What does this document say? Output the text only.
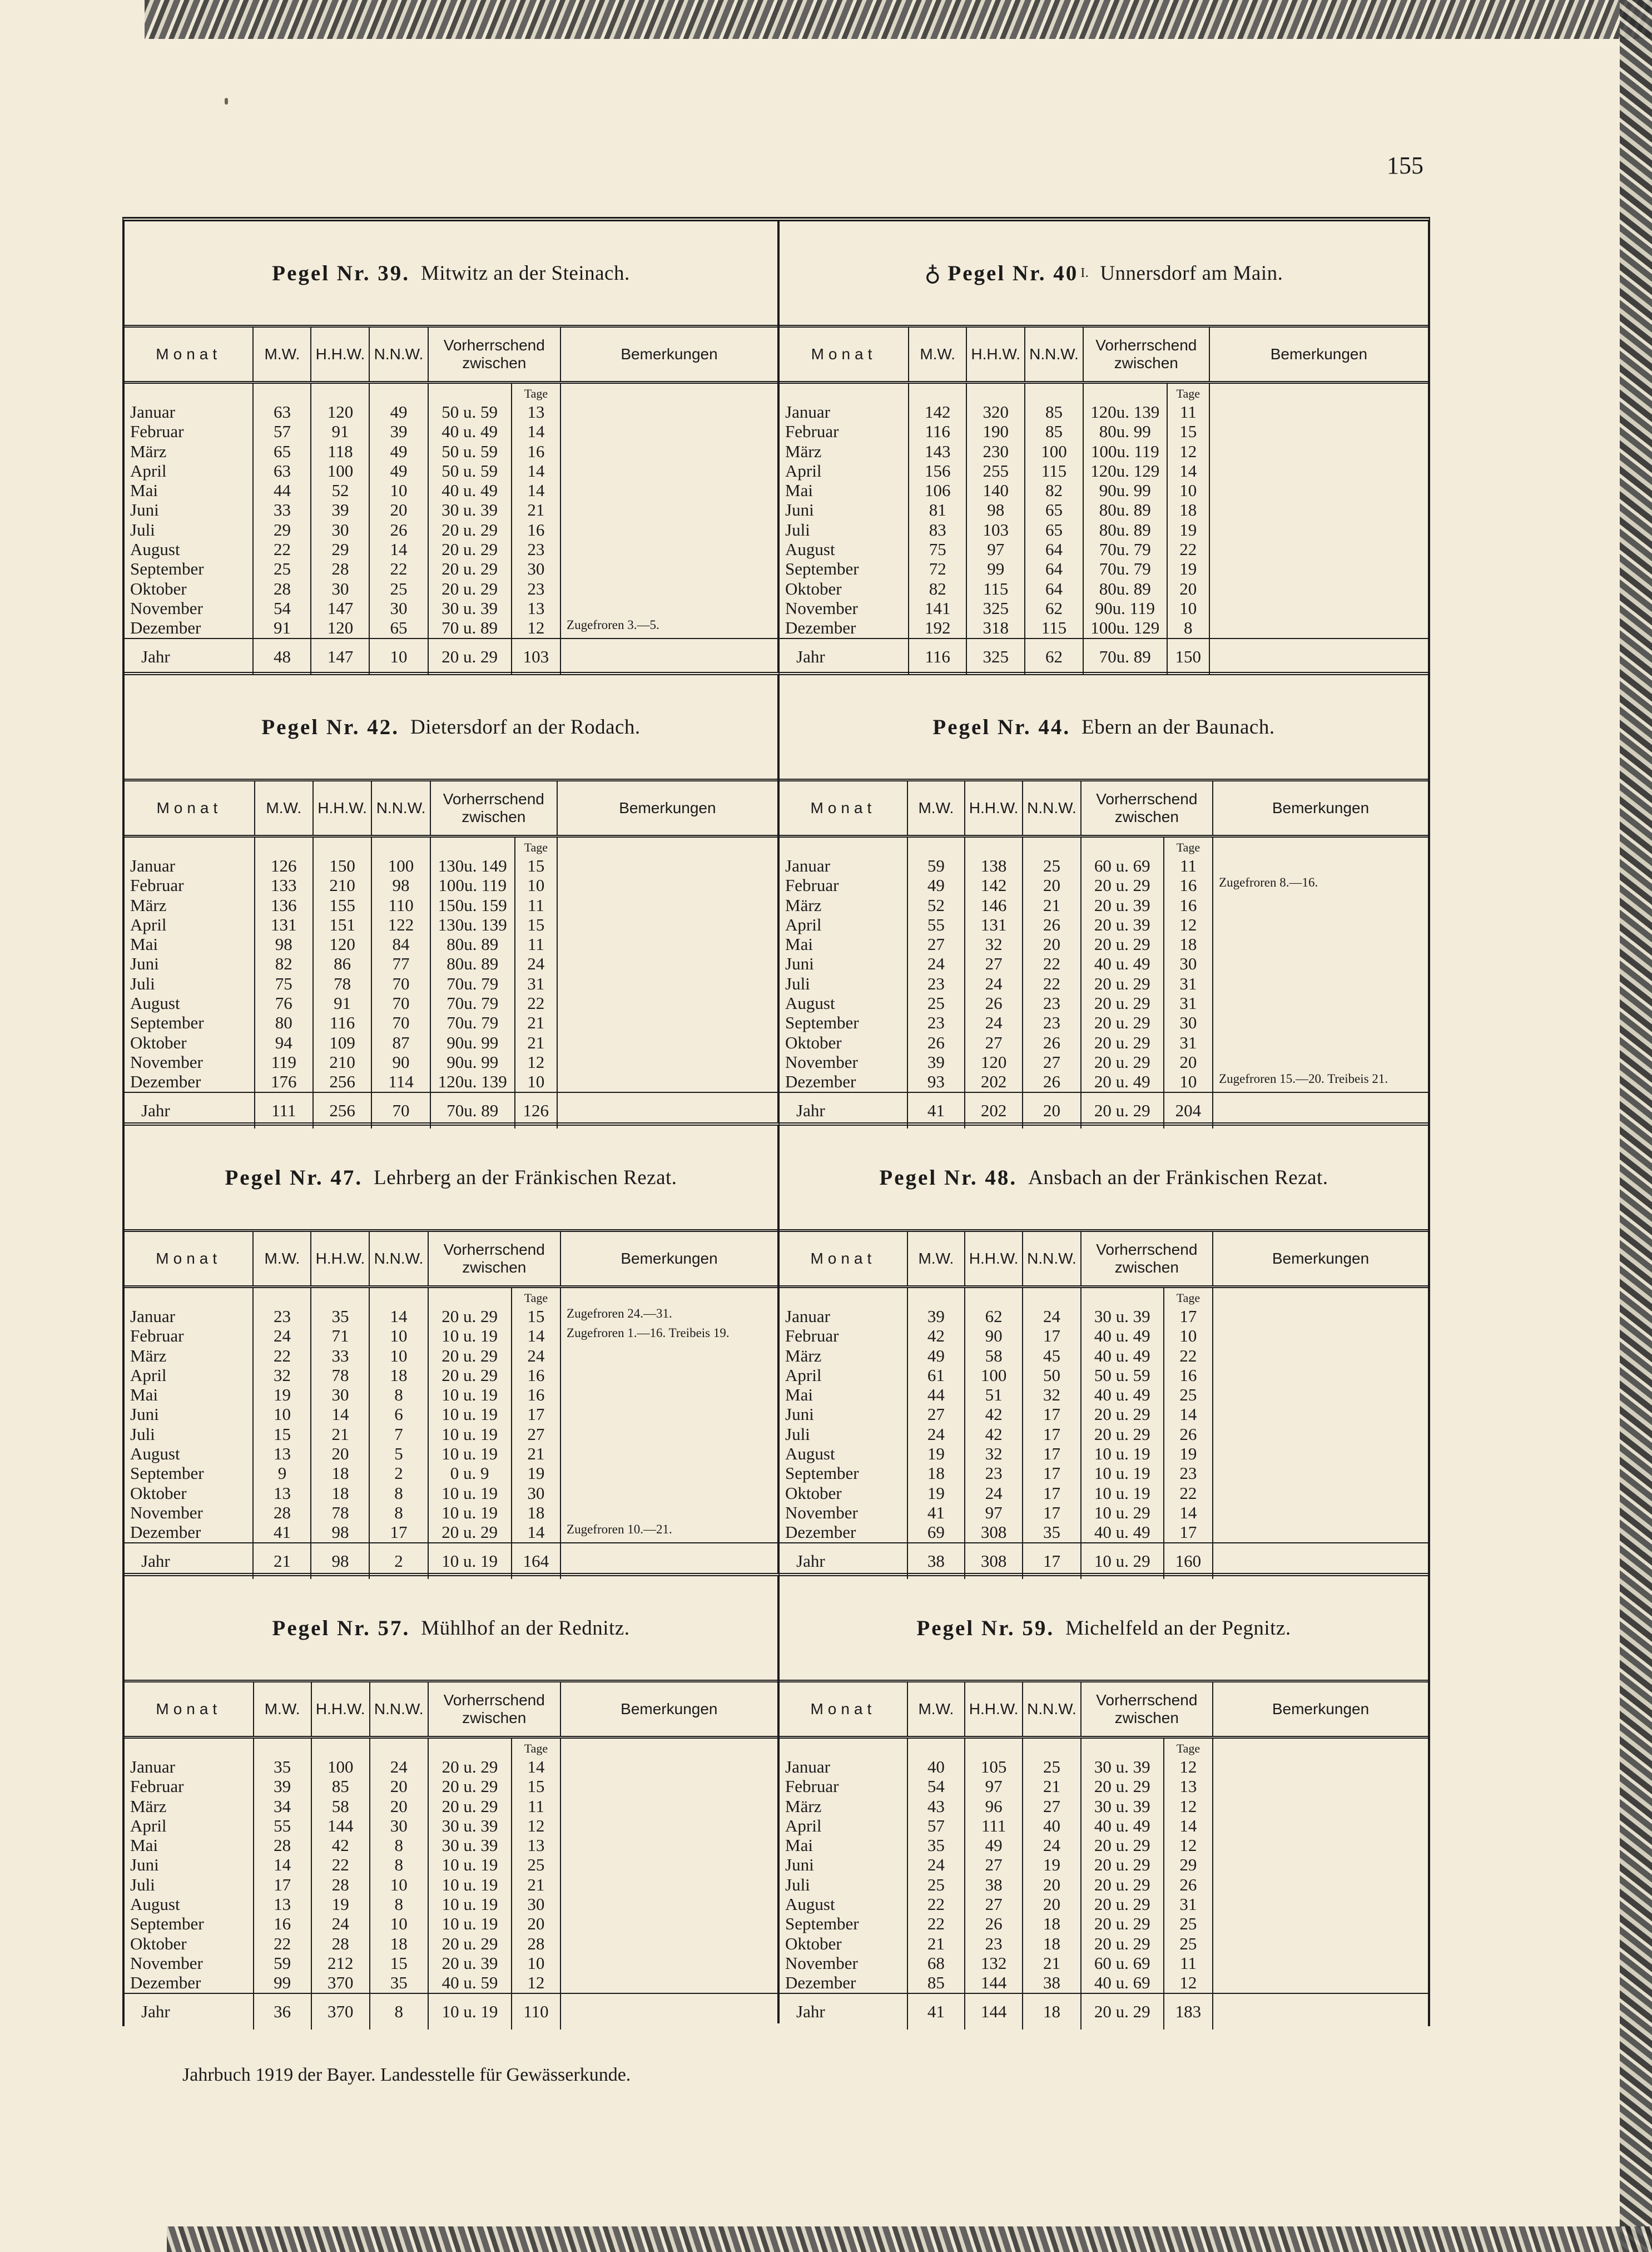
155
Pegel Nr. 39. Mitwitz an der Steinach.
Monat	M.W.	H.H.W.	N.N.W.	Vorherrschend zwischen		Bemerkungen
					Tage	
Januar	63	120	49	50 u. 59	13	
Februar	57	91	39	40 u. 49	14	
März	65	118	49	50 u. 59	16	
April	63	100	49	50 u. 59	14	
Mai	44	52	10	40 u. 49	14	
Juni	33	39	20	30 u. 39	21	
Juli	29	30	26	20 u. 29	16	
August	22	29	14	20 u. 29	23	
September	25	28	22	20 u. 29	30	
Oktober	28	30	25	20 u. 29	23	
November	54	147	30	30 u. 39	13	
Dezember	91	120	65	70 u. 89	12	Zugefroren 3.—5.
Jahr	48	147	10	20 u. 29	103	
♁ Pegel Nr. 40 I. Unnersdorf am Main.
Monat	M.W.	H.H.W.	N.N.W.	Vorherrschend zwischen		Bemerkungen
					Tage	
Januar	142	320	85	120u. 139	11	
Februar	116	190	85	80u. 99	15	
März	143	230	100	100u. 119	12	
April	156	255	115	120u. 129	14	
Mai	106	140	82	90u. 99	10	
Juni	81	98	65	80u. 89	18	
Juli	83	103	65	80u. 89	19	
August	75	97	64	70u. 79	22	
September	72	99	64	70u. 79	19	
Oktober	82	115	64	80u. 89	20	
November	141	325	62	90u. 119	10	
Dezember	192	318	115	100u. 129	8	
Jahr	116	325	62	70u. 89	150	
Pegel Nr. 42. Dietersdorf an der Rodach.
Monat	M.W.	H.H.W.	N.N.W.	Vorherrschend zwischen		Bemerkungen
					Tage	
Januar	126	150	100	130u. 149	15	
Februar	133	210	98	100u. 119	10	
März	136	155	110	150u. 159	11	
April	131	151	122	130u. 139	15	
Mai	98	120	84	80u. 89	11	
Juni	82	86	77	80u. 89	24	
Juli	75	78	70	70u. 79	31	
August	76	91	70	70u. 79	22	
September	80	116	70	70u. 79	21	
Oktober	94	109	87	90u. 99	21	
November	119	210	90	90u. 99	12	
Dezember	176	256	114	120u. 139	10	
Jahr	111	256	70	70u. 89	126	
Pegel Nr. 44. Ebern an der Baunach.
Monat	M.W.	H.H.W.	N.N.W.	Vorherrschend zwischen		Bemerkungen
					Tage	
Januar	59	138	25	60 u. 69	11	
Februar	49	142	20	20 u. 29	16	Zugefroren 8.—16.
März	52	146	21	20 u. 39	16	
April	55	131	26	20 u. 39	12	
Mai	27	32	20	20 u. 29	18	
Juni	24	27	22	40 u. 49	30	
Juli	23	24	22	20 u. 29	31	
August	25	26	23	20 u. 29	31	
September	23	24	23	20 u. 29	30	
Oktober	26	27	26	20 u. 29	31	
November	39	120	27	20 u. 29	20	
Dezember	93	202	26	20 u. 49	10	Zugefroren 15.—20. Treibeis 21.
Jahr	41	202	20	20 u. 29	204	
Pegel Nr. 47. Lehrberg an der Fränkischen Rezat.
Monat	M.W.	H.H.W.	N.N.W.	Vorherrschend zwischen		Bemerkungen
					Tage	
Januar	23	35	14	20 u. 29	15	Zugefroren 24.—31.
Februar	24	71	10	10 u. 19	14	Zugefroren 1.—16. Treibeis 19.
März	22	33	10	20 u. 29	24	
April	32	78	18	20 u. 29	16	
Mai	19	30	8	10 u. 19	16	
Juni	10	14	6	10 u. 19	17	
Juli	15	21	7	10 u. 19	27	
August	13	20	5	10 u. 19	21	
September	9	18	2	0 u. 9	19	
Oktober	13	18	8	10 u. 19	30	
November	28	78	8	10 u. 19	18	
Dezember	41	98	17	20 u. 29	14	Zugefroren 10.—21.
Jahr	21	98	2	10 u. 19	164	
Pegel Nr. 48. Ansbach an der Fränkischen Rezat.
Monat	M.W.	H.H.W.	N.N.W.	Vorherrschend zwischen		Bemerkungen
					Tage	
Januar	39	62	24	30 u. 39	17	
Februar	42	90	17	40 u. 49	10	
März	49	58	45	40 u. 49	22	
April	61	100	50	50 u. 59	16	
Mai	44	51	32	40 u. 49	25	
Juni	27	42	17	20 u. 29	14	
Juli	24	42	17	20 u. 29	26	
August	19	32	17	10 u. 19	19	
September	18	23	17	10 u. 19	23	
Oktober	19	24	17	10 u. 19	22	
November	41	97	17	10 u. 29	14	
Dezember	69	308	35	40 u. 49	17	
Jahr	38	308	17	10 u. 29	160	
Pegel Nr. 57. Mühlhof an der Rednitz.
Monat	M.W.	H.H.W.	N.N.W.	Vorherrschend zwischen		Bemerkungen
					Tage	
Januar	35	100	24	20 u. 29	14	
Februar	39	85	20	20 u. 29	15	
März	34	58	20	20 u. 29	11	
April	55	144	30	30 u. 39	12	
Mai	28	42	8	30 u. 39	13	
Juni	14	22	8	10 u. 19	25	
Juli	17	28	10	10 u. 19	21	
August	13	19	8	10 u. 19	30	
September	16	24	10	10 u. 19	20	
Oktober	22	28	18	20 u. 29	28	
November	59	212	15	20 u. 39	10	
Dezember	99	370	35	40 u. 59	12	
Jahr	36	370	8	10 u. 19	110	
Pegel Nr. 59. Michelfeld an der Pegnitz.
Monat	M.W.	H.H.W.	N.N.W.	Vorherrschend zwischen		Bemerkungen
					Tage	
Januar	40	105	25	30 u. 39	12	
Februar	54	97	21	20 u. 29	13	
März	43	96	27	30 u. 39	12	
April	57	111	40	40 u. 49	14	
Mai	35	49	24	20 u. 29	12	
Juni	24	27	19	20 u. 29	29	
Juli	25	38	20	20 u. 29	26	
August	22	27	20	20 u. 29	31	
September	22	26	18	20 u. 29	25	
Oktober	21	23	18	20 u. 29	25	
November	68	132	21	60 u. 69	11	
Dezember	85	144	38	40 u. 69	12	
Jahr	41	144	18	20 u. 29	183	
Jahrbuch 1919 der Bayer. Landesstelle für Gewässerkunde.
